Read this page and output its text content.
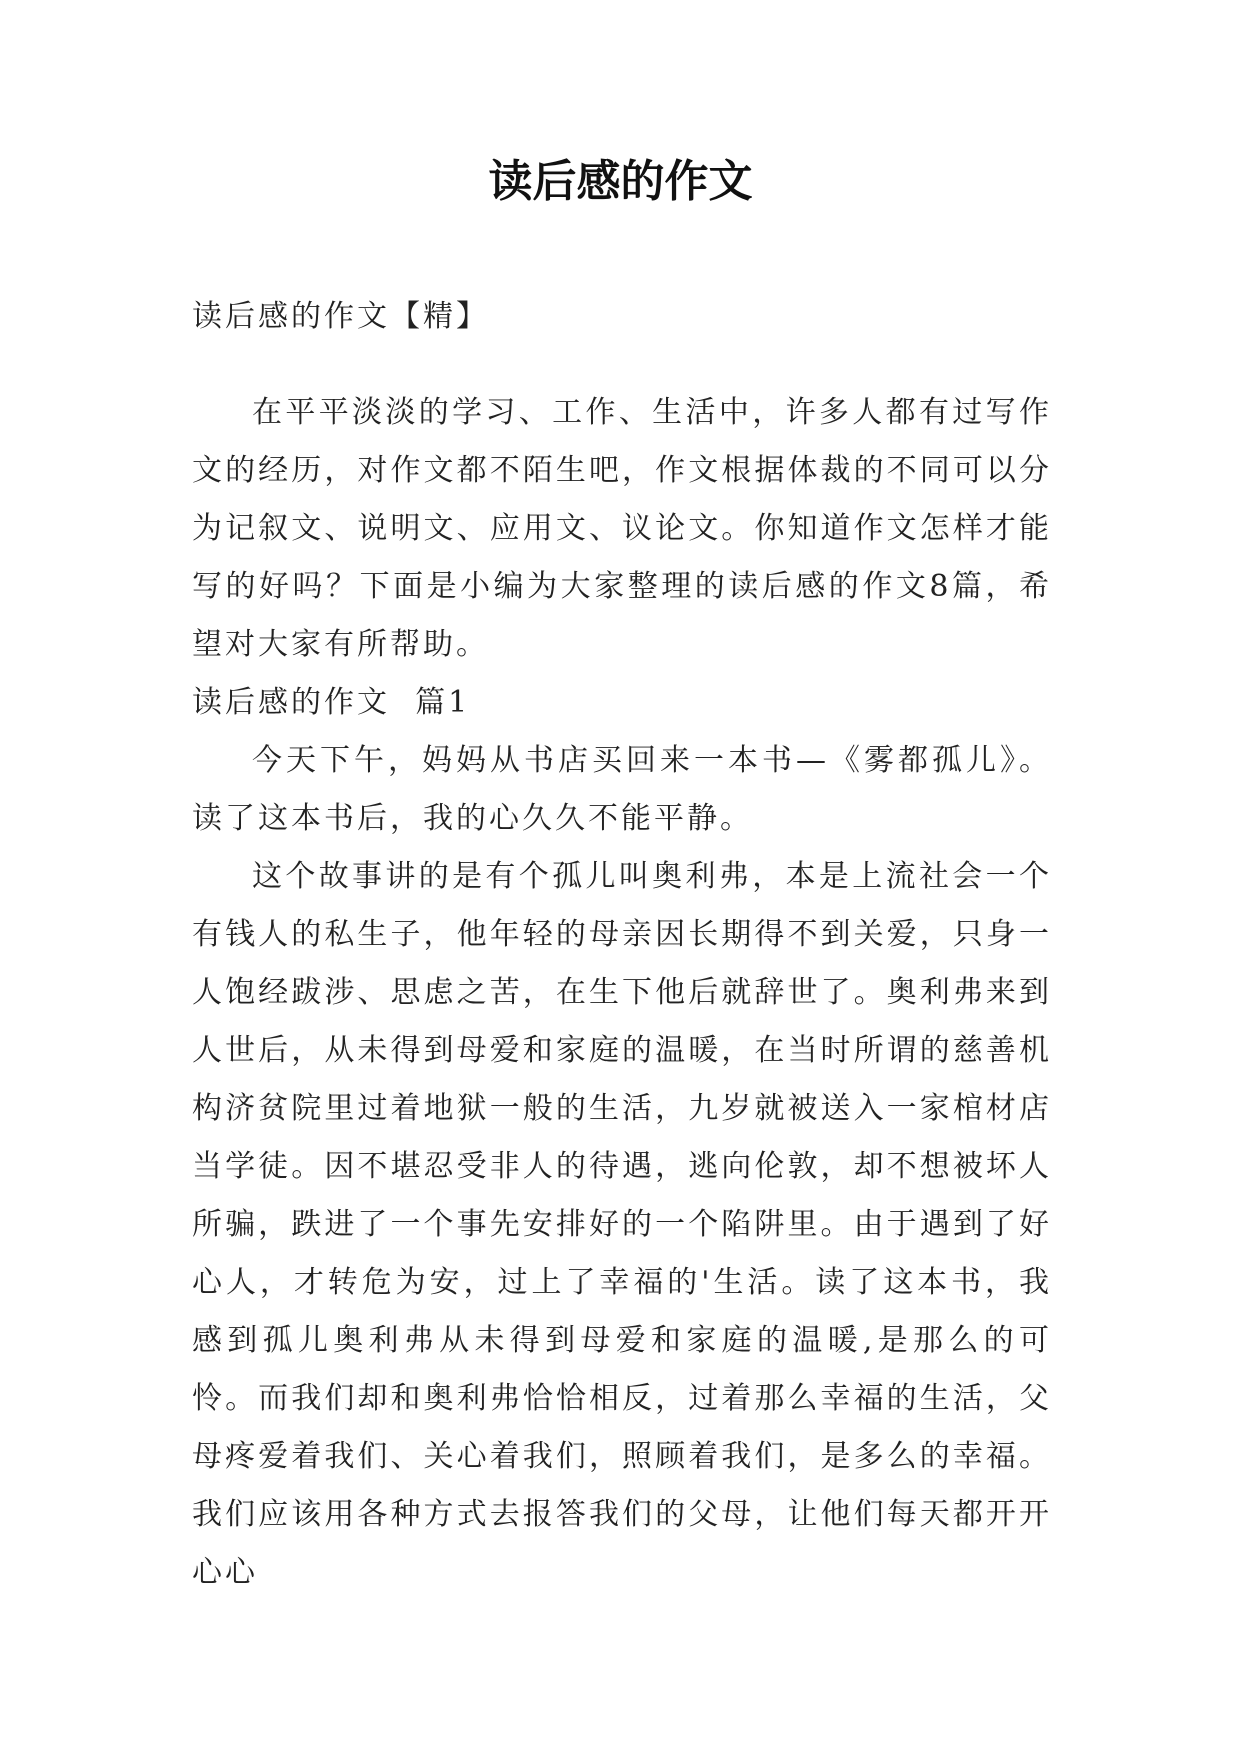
读后感的作文

读后感的作文【精】

在平平淡淡的学习、工作、生活中，许多人都有过写作文的经历，对作文都不陌生吧，作文根据体裁的不同可以分为记叙文、说明文、应用文、议论文。你知道作文怎样才能写的好吗？下面是小编为大家整理的读后感的作文8篇，希望对大家有所帮助。

读后感的作文  篇1

今天下午，妈妈从书店买回来一本书—《雾都孤儿》。读了这本书后，我的心久久不能平静。

这个故事讲的是有个孤儿叫奥利弗，本是上流社会一个有钱人的私生子，他年轻的母亲因长期得不到关爱，只身一人饱经跋涉、思虑之苦，在生下他后就辞世了。奥利弗来到人世后，从未得到母爱和家庭的温暖，在当时所谓的慈善机构济贫院里过着地狱一般的生活，九岁就被送入一家棺材店当学徒。因不堪忍受非人的待遇，逃向伦敦，却不想被坏人所骗，跌进了一个事先安排好的一个陷阱里。由于遇到了好心人，才转危为安，过上了幸福的'生活。读了这本书，我感到孤儿奥利弗从未得到母爱和家庭的温暖,是那么的可怜。而我们却和奥利弗恰恰相反，过着那么幸福的生活，父母疼爱着我们、关心着我们，照顾着我们，是多么的幸福。我们应该用各种方式去报答我们的父母，让他们每天都开开心心
